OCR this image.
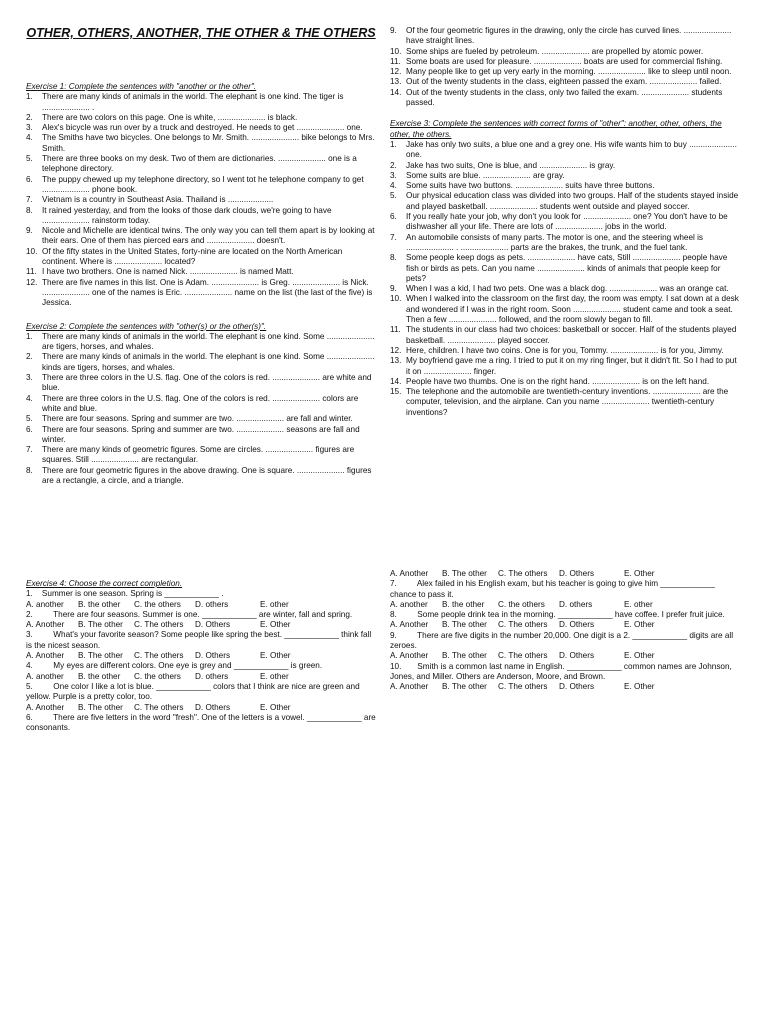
OTHER, OTHERS, ANOTHER, THE OTHER & THE OTHERS

Exercise 1: Complete the sentences with "another or the other".

1.	There are many kinds of animals in the world. The elephant is one kind. The tiger is ..................... .
2.	There are two colors on this page. One is white, ..................... is black.
3.	Alex's bicycle was run over by a truck and destroyed. He needs to get ..................... one.
4.	The Smiths have two bicycles. One belongs to Mr. Smith. ..................... bike belongs to Mrs. Smith.
5.	There are three books on my desk. Two of them are dictionaries. ..................... one is a telephone directory.
6.	The puppy chewed up my telephone directory, so I went tot he telephone company to get ..................... phone book.
7.	Vietnam is a country in Southeast Asia. Thailand is ....................
8.	It rained yesterday, and from the looks of those dark clouds, we're going to have ..................... rainstorm today.
9.	Nicole and Michelle are identical twins. The only way you can tell them apart is by looking at their ears. One of them has pierced ears and ..................... doesn't.
10. Of the fifty states in the United States, forty-nine are located on the North American continent. Where is ..................... located?
11. I have two brothers. One is named Nick. ..................... is named Matt.
12. There are five names in this list. One is Adam. ..................... is Greg. ..................... is Nick. ..................... one of the names is Eric. ..................... name on the list (the last of the five) is Jessica.

Exercise 2: Complete the sentences with "other(s) or the other(s)".

1.	There are many kinds of animals in the world. The elephant is one kind. Some ..................... are tigers, horses, and whales.
2.	There are many kinds of animals in the world. The elephant is one kind. Some ..................... kinds are tigers, horses, and whales.
3.	There are three colors in the U.S. flag. One of the colors is red. ..................... are white and blue.
4.	There are three colors in the U.S. flag. One of the colors is red. ..................... colors are white and blue.
5.	There are four seasons. Spring and summer are two. ..................... are fall and winter.
6.	There are four seasons. Spring and summer are two. ..................... seasons are fall and winter.
7.	There are many kinds of geometric figures. Some are circles. ..................... figures are squares. Still ..................... are rectangular.
8.	There are four geometric figures in the above drawing. One is square. ..................... figures are a rectangle, a circle, and a triangle.
9.	Of the four geometric figures in the drawing, only the circle has curved lines. ..................... have straight lines.
10. Some ships are fueled by petroleum. ..................... are propelled by atomic power.
11. Some boats are used for pleasure. ..................... boats are used for commercial fishing.
12. Many people like to get up very early in the morning. ..................... like to sleep until noon.
13. Out of the twenty students in the class, eighteen passed the exam. ..................... failed.
14. Out of the twenty students in the class, only two failed the exam. ..................... students passed.

Exercise 3: Complete the sentences with correct forms of "other": another, other, others, the other, the others.

1.	Jake has only two suits, a blue one and a grey one. His wife wants him to buy ..................... one.
2.	Jake has two suits, One is blue, and ..................... is gray.
3.	Some suits are blue. ..................... are gray.
4.	Some suits have two buttons. ..................... suits have three buttons.
5.	Our physical education class was divided into two groups. Half of the students stayed inside and played basketball. ..................... students went outside and played soccer.
6.	If you really hate your job, why don't you look for ..................... one? You don't have to be dishwasher all your life. There are lots of ..................... jobs in the world.
7.	An automobile consists of many parts. The motor is one, and the steering wheel is ..................... . ..................... parts are the brakes, the trunk, and the fuel tank.
8.	Some people keep dogs as pets. ..................... have cats, Still ..................... people have fish or birds as pets. Can you name ..................... kinds of animals that people keep for pets?
9.	When I was a kid, I had two pets. One was a black dog. ..................... was an orange cat.
10. When I walked into the classroom on the first day, the room was empty. I sat down at a desk and wondered if I was in the right room. Soon ..................... student came and took a seat. Then a few ..................... followed, and the room slowly began to fill.
11. The students in our class had two choices: basketball or soccer. Half of the students played basketball. ..................... played soccer.
12. Here, children. I have two coins. One is for you, Tommy. ..................... is for you, Jimmy.
13. My boyfriend gave me a ring. I tried to put it on my ring finger, but it didn't fit. So I had to put it on ..................... finger.
14. People have two thumbs. One is on the right hand. ..................... is on the left hand.
15. The telephone and the automobile are twentieth-century inventions. ..................... are the computer, television, and the airplane. Can you name ..................... twentieth-century inventions?

Exercise 4: Choose the correct completion.

1.    Summer is one season. Spring is ____________ .
A. another	B. the other	C. the others	D. others	E. other
2.         There are four seasons. Summer is one. ____________ are winter, fall and spring.
A. Another	B. The other	C. The others	D. Others	E. Other
3.         What's your favorite season? Some people like spring the best. ____________ think fall is the nicest season.
A. Another	B. The other	C. The others	D. Others	E. Other
4.         My eyes are different colors. One eye is grey and ____________ is green.
A. another	B. the other	C. the others	D. others	E. other
5.         One color I like a lot is blue. ____________ colors that I think are nice are green and yellow. Purple is a pretty color, too.
A. Another	B. The other	C. The others	D. Others	E. Other
6.         There are five letters in the word "fresh". One of the letters is a vowel. ____________ are consonants.
A. Another	B. The other	C. The others	D. Others	E. Other
7.         Alex failed in his English exam, but his teacher is going to give him ____________ chance to pass it.
A. another	B. the other	C. the others	D. others	E. other
8.         Some people drink tea in the morning. ____________ have coffee. I prefer fruit juice.
A. Another	B. The other	C. The others	D. Others	E. Other
9.         There are five digits in the number 20,000. One digit is a 2. ____________ digits are all zeroes.
A. Another	B. The other	C. The others	D. Others	E. Other
10.       Smith is a common last name in English. ____________ common names are Johnson, Jones, and Miller. Others are Anderson, Moore, and Brown.
A. Another	B. The other	C. The others	D. Others	E. Other
